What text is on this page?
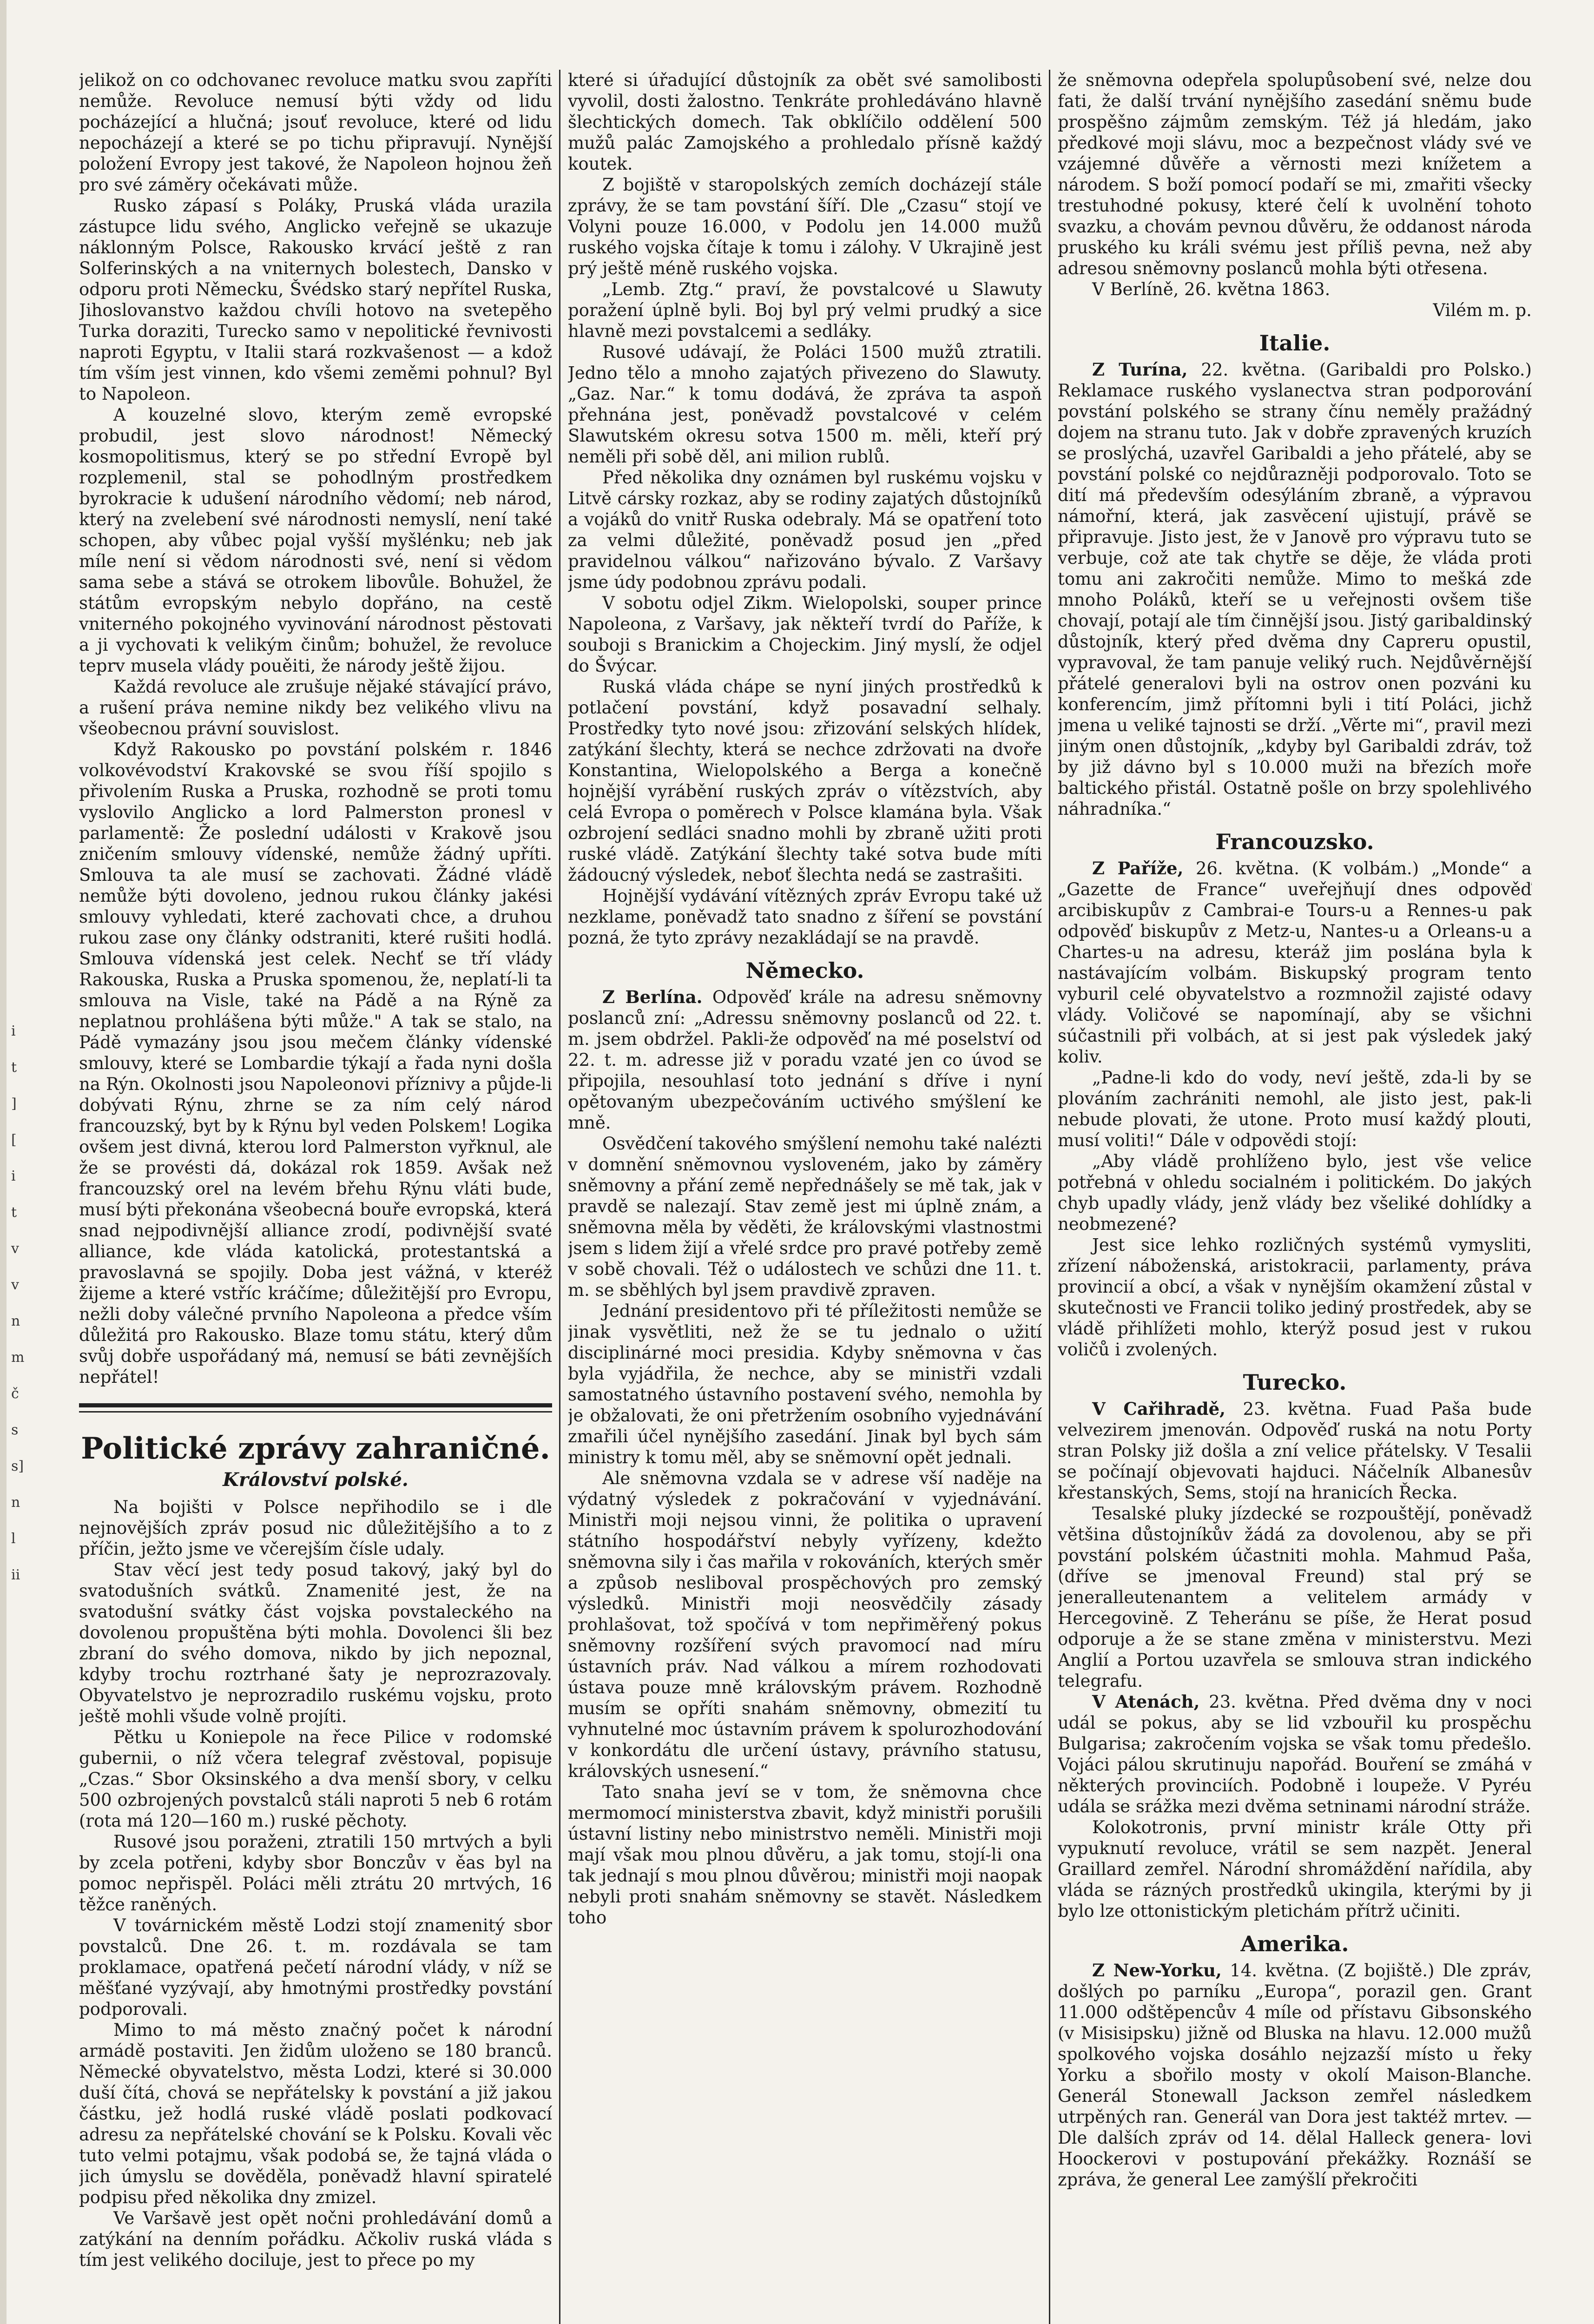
i
t
]
[
i
t
v
v
n
m
č
s
s]
n
l
ii

jelikož on co odchovanec revoluce matku svou zapříti nemůže. Revoluce nemusí býti vždy od lidu pocházející a hlučná; jsouť revoluce, které od lidu nepocházejí a které se po tichu připravují. Nynější položení Evropy jest takové, že Napoleon hojnou žeň pro své záměry očekávati může.

Rusko zápasí s Poláky, Pruská vláda urazila zástupce lidu svého, Anglicko veřejně se ukazuje náklonným Polsce, Rakousko krvácí ještě z ran Solferinských a na vniternych bolestech, Dansko v odporu proti Německu, Švédsko starý nepřítel Ruska, Jihoslovanstvo každou chvíli hotovo na svetepěho Turka doraziti, Turecko samo v nepolitické řevnivosti naproti Egyptu, v Italii stará rozkvašenost — a kdož tím vším jest vinnen, kdo všemi zeměmi pohnul? Byl to Napoleon.

A kouzelné slovo, kterým země evropské probudil, jest slovo národnost! Německý kosmopolitismus, který se po střední Evropě byl rozplemenil, stal se pohodlným prostředkem byrokracie k udušení národního vědomí; neb národ, který na zvelebení své národnosti nemyslí, není také schopen, aby vůbec pojal vyšší myšlénku; neb jak míle není si vědom národnosti své, není si vědom sama sebe a stává se otrokem libovůle. Bohužel, že státům evropským nebylo dopřáno, na cestě vniterného pokojného vyvinování národnost pěstovati a ji vychovati k velikým činům; bohužel, že revoluce teprv musela vlády pouěiti, že národy ještě žijou.

Každá revoluce ale zrušuje nějaké stávající právo, a rušení práva nemine nikdy bez velikého vlivu na všeobecnou právní souvislost.

Když Rakousko po povstání polském r. 1846 volkovévodství Krakovské se svou říší spojilo s přivolením Ruska a Pruska, rozhodně se proti tomu vyslovilo Anglicko a lord Palmerston pronesl v parlamentě: Že poslední události v Krakově jsou zničením smlouvy vídenské, nemůže žádný upříti. Smlouva ta ale musí se zachovati. Žádné vládě nemůže býti dovoleno, jednou rukou články jakési smlouvy vyhledati, které zachovati chce, a druhou rukou zase ony články odstraniti, které rušiti hodlá. Smlouva vídenská jest celek. Nechť se tří vlády Rakouska, Ruska a Pruska spomenou, že, neplatí-li ta smlouva na Visle, také na Pádě a na Rýně za neplatnou prohlášena býti může." A tak se stalo, na Pádě vymazány jsou jsou mečem články vídenské smlouvy, které se Lombardie týkají a řada nyni došla na Rýn. Okolnosti jsou Napoleonovi příznivy a půjde-li dobývati Rýnu, zhrne se za ním celý národ francouzský, byt by k Rýnu byl veden Polskem! Logika ovšem jest divná, kterou lord Palmerston vyřknul, ale že se provésti dá, dokázal rok 1859. Avšak než francouzský orel na levém břehu Rýnu vláti bude, musí býti překonána všeobecná bouře evropská, která snad nejpodivnější alliance zrodí, podivnější svaté alliance, kde vláda katolická, protestantská a pravoslavná se spojily. Doba jest vážná, v kteréž žijeme a které vstříc kráčíme; důležitější pro Evropu, nežli doby válečné prvního Napoleona a předce vším důležitá pro Rakousko. Blaze tomu státu, který dům svůj dobře uspořádaný má, nemusí se báti zevnějších nepřátel!

Politické zprávy zahraničné.
Království polské.

Na bojišti v Polsce nepřihodilo se i dle nejnovějších zpráv posud nic důležitějšího a to z příčin, ježto jsme ve včerejším čísle udaly.

Stav věcí jest tedy posud takový, jaký byl do svatodušních svátků. Znamenité jest, že na svatodušní svátky část vojska povstaleckého na dovolenou propuštěna býti mohla. Dovolenci šli bez zbraní do svého domova, nikdo by jich nepoznal, kdyby trochu roztrhané šaty je neprozrazovaly. Obyvatelstvo je neprozradilo ruskému vojsku, proto ještě mohli všude volně projíti.

Pětku u Koniepole na řece Pilice v rodomské gubernii, o níž včera telegraf zvěstoval, popisuje „Czas.“ Sbor Oksinského a dva menší sbory, v celku 500 ozbrojených povstalců stáli naproti 5 neb 6 rotám (rota má 120—160 m.) ruské pěchoty.

Rusové jsou poraženi, ztratili 150 mrtvých a byli by zcela potřeni, kdyby sbor Bonczův v ěas byl na pomoc nepřispěl. Poláci měli ztrátu 20 mrtvých, 16 těžce raněných.

V továrnickém městě Lodzi stojí znamenitý sbor povstalců. Dne 26. t. m. rozdávala se tam proklamace, opatřená pečetí národní vlády, v níž se měšťané vyzývají, aby hmotnými prostředky povstání podporovali.

Mimo to má město značný počet k národní armádě postaviti. Jen židům uloženo se 180 branců. Německé obyvatelstvo, města Lodzi, které si 30.000 duší čítá, chová se nepřátelsky k povstání a již jakou částku, jež hodlá ruské vládě poslati podkovací adresu za nepřátelské chování se k Polsku. Kovali věc tuto velmi potajmu, však podobá se, že tajná vláda o jich úmyslu se dověděla, poněvadž hlavní spiratelé podpisu před několika dny zmizel.

Ve Varšavě jest opět nočni prohledávání domů a zatýkání na denním pořádku. Ačkoliv ruská vláda s tím jest velikého dociluje, jest to přece po my

které si úřadující důstojník za obět své samolibosti vyvolil, dosti žalostno. Tenkráte prohledáváno hlavně šlechtických domech. Tak obklíčilo oddělení 500 mužů palác Zamojského a prohledalo přísně každý koutek.

Z bojiště v staropolských zemích docházejí stále zprávy, že se tam povstání šíří. Dle „Czasu“ stojí ve Volyni pouze 16.000, v Podolu jen 14.000 mužů ruského vojska čítaje k tomu i zálohy. V Ukrajině jest prý ještě méně ruského vojska.

„Lemb. Ztg.“ praví, že povstalcové u Slawuty poražení úplně byli. Boj byl prý velmi prudký a sice hlavně mezi povstalcemi a sedláky.

Rusové udávají, že Poláci 1500 mužů ztratili. Jedno tělo a mnoho zajatých přivezeno do Slawuty. „Gaz. Nar.“ k tomu dodává, že zpráva ta aspoň přehnána jest, poněvadž povstalcové v celém Slawutském okresu sotva 1500 m. měli, kteří prý neměli při sobě děl, ani milion rublů.

Před několika dny oznámen byl ruskému vojsku v Litvě cársky rozkaz, aby se rodiny zajatých důstojníků a vojáků do vnitř Ruska odebraly. Má se opatření toto za velmi důležité, poněvadž posud jen „před pravidelnou válkou“ nařizováno bývalo. Z Varšavy jsme údy podobnou zprávu podali.

V sobotu odjel Zikm. Wielopolski, souper prince Napoleona, z Varšavy, jak někteří tvrdí do Paříže, k souboji s Branickim a Chojeckim. Jiný myslí, že odjel do Švýcar.

Ruská vláda chápe se nyní jiných prostředků k potlačení povstání, když posavadní selhaly. Prostředky tyto nové jsou: zřizování selských hlídek, zatýkání šlechty, která se nechce zdržovati na dvoře Konstantina, Wielopolského a Berga a konečně hojnější vyrábění ruských zpráv o vítězstvích, aby celá Evropa o poměrech v Polsce klamána byla. Však ozbrojení sedláci snadno mohli by zbraně užiti proti ruské vládě. Zatýkání šlechty také sotva bude míti žádoucný výsledek, neboť šlechta nedá se zastrašiti.

Hojnější vydávání vítězných zpráv Evropu také už nezklame, poněvadž tato snadno z šíření se povstání pozná, že tyto zprávy nezakládají se na pravdě.

Německo.

Z Berlína. Odpověď krále na adresu sněmovny poslanců zní: „Adressu sněmovny poslanců od 22. t. m. jsem obdržel. Pakli-že odpověď na mé poselství od 22. t. m. adresse již v poradu vzaté jen co úvod se připojila, nesouhlasí toto jednání s dříve i nyní opětovaným ubezpečováním uctivého smýšlení ke mně.

Osvědčení takového smýšlení nemohu také nalézti v domnění sněmovnou vysloveném, jako by záměry sněmovny a přání země nepřednášely se mě tak, jak v pravdě se nalezají. Stav země jest mi úplně znám, a sněmovna měla by věděti, že královskými vlastnostmi jsem s lidem žijí a vřelé srdce pro pravé potřeby země v sobě chovali. Též o událostech ve schůzi dne 11. t. m. se sběhlých byl jsem pravdivě zpraven.

Jednání presidentovo při té příležitosti nemůže se jinak vysvětliti, než že se tu jednalo o užití disciplinárné moci presidia. Kdyby sněmovna v čas byla vyjádřila, že nechce, aby se ministři vzdali samostatného ústavního postavení svého, nemohla by je obžalovati, že oni přetržením osobního vyjednávání zmařili účel nynějšího zasedání. Jinak byl bych sám ministry k tomu měl, aby se sněmovní opět jednali.

Ale sněmovna vzdala se v adrese vší naděje na výdatný výsledek z pokračování v vyjednávání. Ministři moji nejsou vinni, že politika o upravení státního hospodářství nebyly vyřízeny, kdežto sněmovna sily i čas mařila v rokováních, kterých směr a způsob nesliboval prospěchových pro zemský výsledků. Ministři moji neosvědčily zásady prohlašovat, tož spočívá v tom nepřiměřený pokus sněmovny rozšíření svých pravomocí nad míru ústavních práv. Nad válkou a mírem rozhodovati ústava pouze mně královským právem. Rozhodně musím se opříti snahám sněmovny, obmezití tu vyhnutelné moc ústavním právem k spolurozhodování v konkordátu dle určení ústavy, právního statusu, královských usnesení.“

Tato snaha jeví se v tom, že sněmovna chce mermomocí ministerstva zbavit, když ministři porušili ústavní listiny nebo ministrstvo neměli. Ministři moji mají však mou plnou důvěru, a jak tomu, stojí-li ona tak jednají s mou plnou důvěrou; ministři moji naopak nebyli proti snahám sněmovny se stavět. Následkem toho

že sněmovna odepřela spolupůsobení své, nelze dou fati, že další trvání nynějšího zasedání sněmu bude prospěšno zájmům zemským. Též já hledám, jako předkové moji slávu, moc a bezpečnost vlády své ve vzájemné důvěře a věrnosti mezi knížetem a národem. S boží pomocí podaří se mi, zmařiti všecky trestuhodné pokusy, které čelí k uvolnění tohoto svazku, a chovám pevnou důvěru, že oddanost národa pruského ku králi svému jest příliš pevna, než aby adresou sněmovny poslanců mohla býti otřesena.

V Berlíně, 26. května 1863.

Vilém m. p.

Italie.

Z Turína, 22. května. (Garibaldi pro Polsko.) Reklamace ruského vyslanectva stran podporování povstání polského se strany čínu neměly pražádný dojem na stranu tuto. Jak v dobře zpravených kruzích se proslýchá, uzavřel Garibaldi a jeho přátelé, aby se povstání polské co nejdůrazněji podporovalo. Toto se dití má především odesýláním zbraně, a výpravou námořní, která, jak zasvěcení ujistují, právě se připravuje. Jisto jest, že v Janově pro výpravu tuto se verbuje, což ate tak chytře se děje, že vláda proti tomu ani zakročiti nemůže. Mimo to mešká zde mnoho Poláků, kteří se u veřejnosti ovšem tiše chovají, potají ale tím činnější jsou. Jistý garibaldinský důstojník, který před dvěma dny Capreru opustil, vypravoval, že tam panuje veliký ruch. Nejdůvěrnější přátelé generalovi byli na ostrov onen pozváni ku konferencím, jimž přítomni byli i tití Poláci, jichž jmena u veliké tajnosti se drží. „Věrte mi“, pravil mezi jiným onen důstojník, „kdyby byl Garibaldi zdráv, tož by již dávno byl s 10.000 muži na březích moře baltického přistál. Ostatně pošle on brzy spolehlivého náhradníka.“

Francouzsko.

Z Paříže, 26. května. (K volbám.) „Monde“ a „Gazette de France“ uveřejňují dnes odpověď arcibiskupův z Cambrai-e Tours-u a Rennes-u pak odpověď biskupův z Metz-u, Nantes-u a Orleans-u a Chartes-u na adresu, kteráž jim poslána byla k nastávajícím volbám. Biskupský program tento vyburil celé obyvatelstvo a rozmnožil zajisté odavy vlády. Voličové se napomínají, aby se všichni súčastnili při volbách, at si jest pak výsledek jaký koliv.

„Padne-li kdo do vody, neví ještě, zda-li by se plováním zachrániti nemohl, ale jisto jest, pak-li nebude plovati, že utone. Proto musí každý plouti, musí voliti!“ Dále v odpovědi stojí:

„Aby vládě prohlíženo bylo, jest vše velice potřebná v ohledu socialném i politickém. Do jakých chyb upadly vlády, jenž vlády bez všeliké dohlídky a neobmezené?

Jest sice lehko rozličných systémů vymysliti, zřízení náboženská, aristokracii, parlamenty, práva provincií a obcí, a však v nynějším okamžení zůstal v skutečnosti ve Francii toliko jediný prostředek, aby se vládě přihlížeti mohlo, kterýž posud jest v rukou voličů i zvolených.

Turecko.

V Cařihradě, 23. května. Fuad Paša bude velvezirem jmenován. Odpověď ruská na notu Porty stran Polsky již došla a zní velice přátelsky. V Tesalii se počínají objevovati hajduci. Náčelník Albanesův křestanských, Sems, stojí na hranicích Řecka.

Tesalské pluky jízdecké se rozpouštějí, poněvadž většina důstojníkův žádá za dovolenou, aby se při povstání polském účastniti mohla. Mahmud Paša, (dříve se jmenoval Freund) stal prý se jeneralleutenantem a velitelem armády v Hercegovině. Z Teheránu se píše, že Herat posud odporuje a že se stane změna v ministerstvu. Mezi Anglií a Portou uzavřela se smlouva stran indického telegrafu.

V Atenách, 23. května. Před dvěma dny v noci udál se pokus, aby se lid vzbouřil ku prospěchu Bulgarisa; zakročením vojska se však tomu předešlo. Vojáci pálou skrutinuju napořád. Bouření se zmáhá v některých provinciích. Podobně i loupeže. V Pyréu udála se srážka mezi dvěma setninami národní stráže.

Kolokotronis, první ministr krále Otty při vypuknutí revoluce, vrátil se sem nazpět. Jeneral Graillard zemřel. Národní shromáždění nařídila, aby vláda se rázných prostředků ukingila, kterými by ji bylo lze ottonistickým pletichám přítrž učiniti.

Amerika.

Z New-Yorku, 14. května. (Z bojiště.) Dle zpráv, došlých po parníku „Europa“, porazil gen. Grant 11.000 odštěpencův 4 míle od přístavu Gibsonského (v Misisipsku) jižně od Bluska na hlavu. 12.000 mužů spolkového vojska dosáhlo nejzazší místo u řeky Yorku a sbořilo mosty v okolí Maison-Blanche. Generál Stonewall Jackson zemřel následkem utrpěných ran. Generál van Dora jest taktéž mrtev. — Dle dalších zpráv od 14. dělal Halleck genera- lovi Hoockerovi v postupování překážky. Roznáší se zpráva, že general Lee zamýšlí překročiti
